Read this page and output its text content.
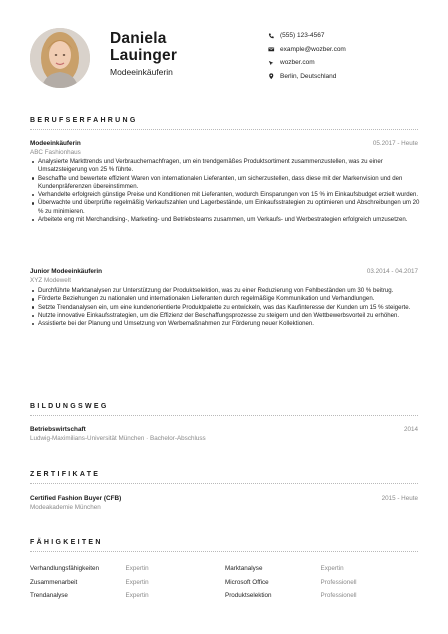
Daniela Lauinger
Modeeinkäuferin
(555) 123-4567
example@wozber.com
wozber.com
Berlin, Deutschland
BERUFSERFAHRUNG
Modeeinkäuferin	05.2017 - Heute
ABC Fashionhaus
Analysierte Markttrends und Verbrauchernachfragen, um ein trendgemäßes Produktsortiment zusammenzustellen, was zu einer Umsatzsteigerung von 25 % führte.
Beschaffte und bewertete effizient Waren von internationalen Lieferanten, um sicherzustellen, dass diese mit der Markenvision und den Kundenpräferenzen übereinstimmen.
Verhandelte erfolgreich günstige Preise und Konditionen mit Lieferanten, wodurch Einsparungen von 15 % im Einkaufsbudget erzielt wurden.
Überwachte und überprüfte regelmäßig Verkaufszahlen und Lagerbestände, um Einkaufsstrategien zu optimieren und Abschreibungen um 20 % zu minimieren.
Arbeitete eng mit Merchandising-, Marketing- und Betriebsteams zusammen, um Verkaufs- und Werbestrategien erfolgreich umzusetzen.
Junior Modeeinkäuferin	03.2014 - 04.2017
XYZ Modewelt
Durchführte Marktanalysen zur Unterstützung der Produktselektion, was zu einer Reduzierung von Fehlbeständen um 30 % beitrug.
Förderte Beziehungen zu nationalen und internationalen Lieferanten durch regelmäßige Kommunikation und Verhandlungen.
Setzte Trendanalysen ein, um eine kundenorientierte Produktpalette zu entwickeln, was das Kaufinteresse der Kunden um 15 % steigerte.
Nutzte innovative Einkaufsstrategien, um die Effizienz der Beschaffungsprozesse zu steigern und den Wettbewerbsvorteil zu erhöhen.
Assistierte bei der Planung und Umsetzung von Werbemaßnahmen zur Förderung neuer Kollektionen.
BILDUNGSWEG
Betriebswirtschaft	2014
Ludwig-Maximilians-Universität München · Bachelor-Abschluss
ZERTIFIKATE
Certified Fashion Buyer (CFB)	2015 - Heute
Modeakademie München
FÄHIGKEITEN
Verhandlungsfähigkeiten	Expertin	Marktanalyse	Expertin
Zusammenarbeit	Expertin	Microsoft Office	Professionell
Trendanalyse	Expertin	Produktselektion	Professionell
